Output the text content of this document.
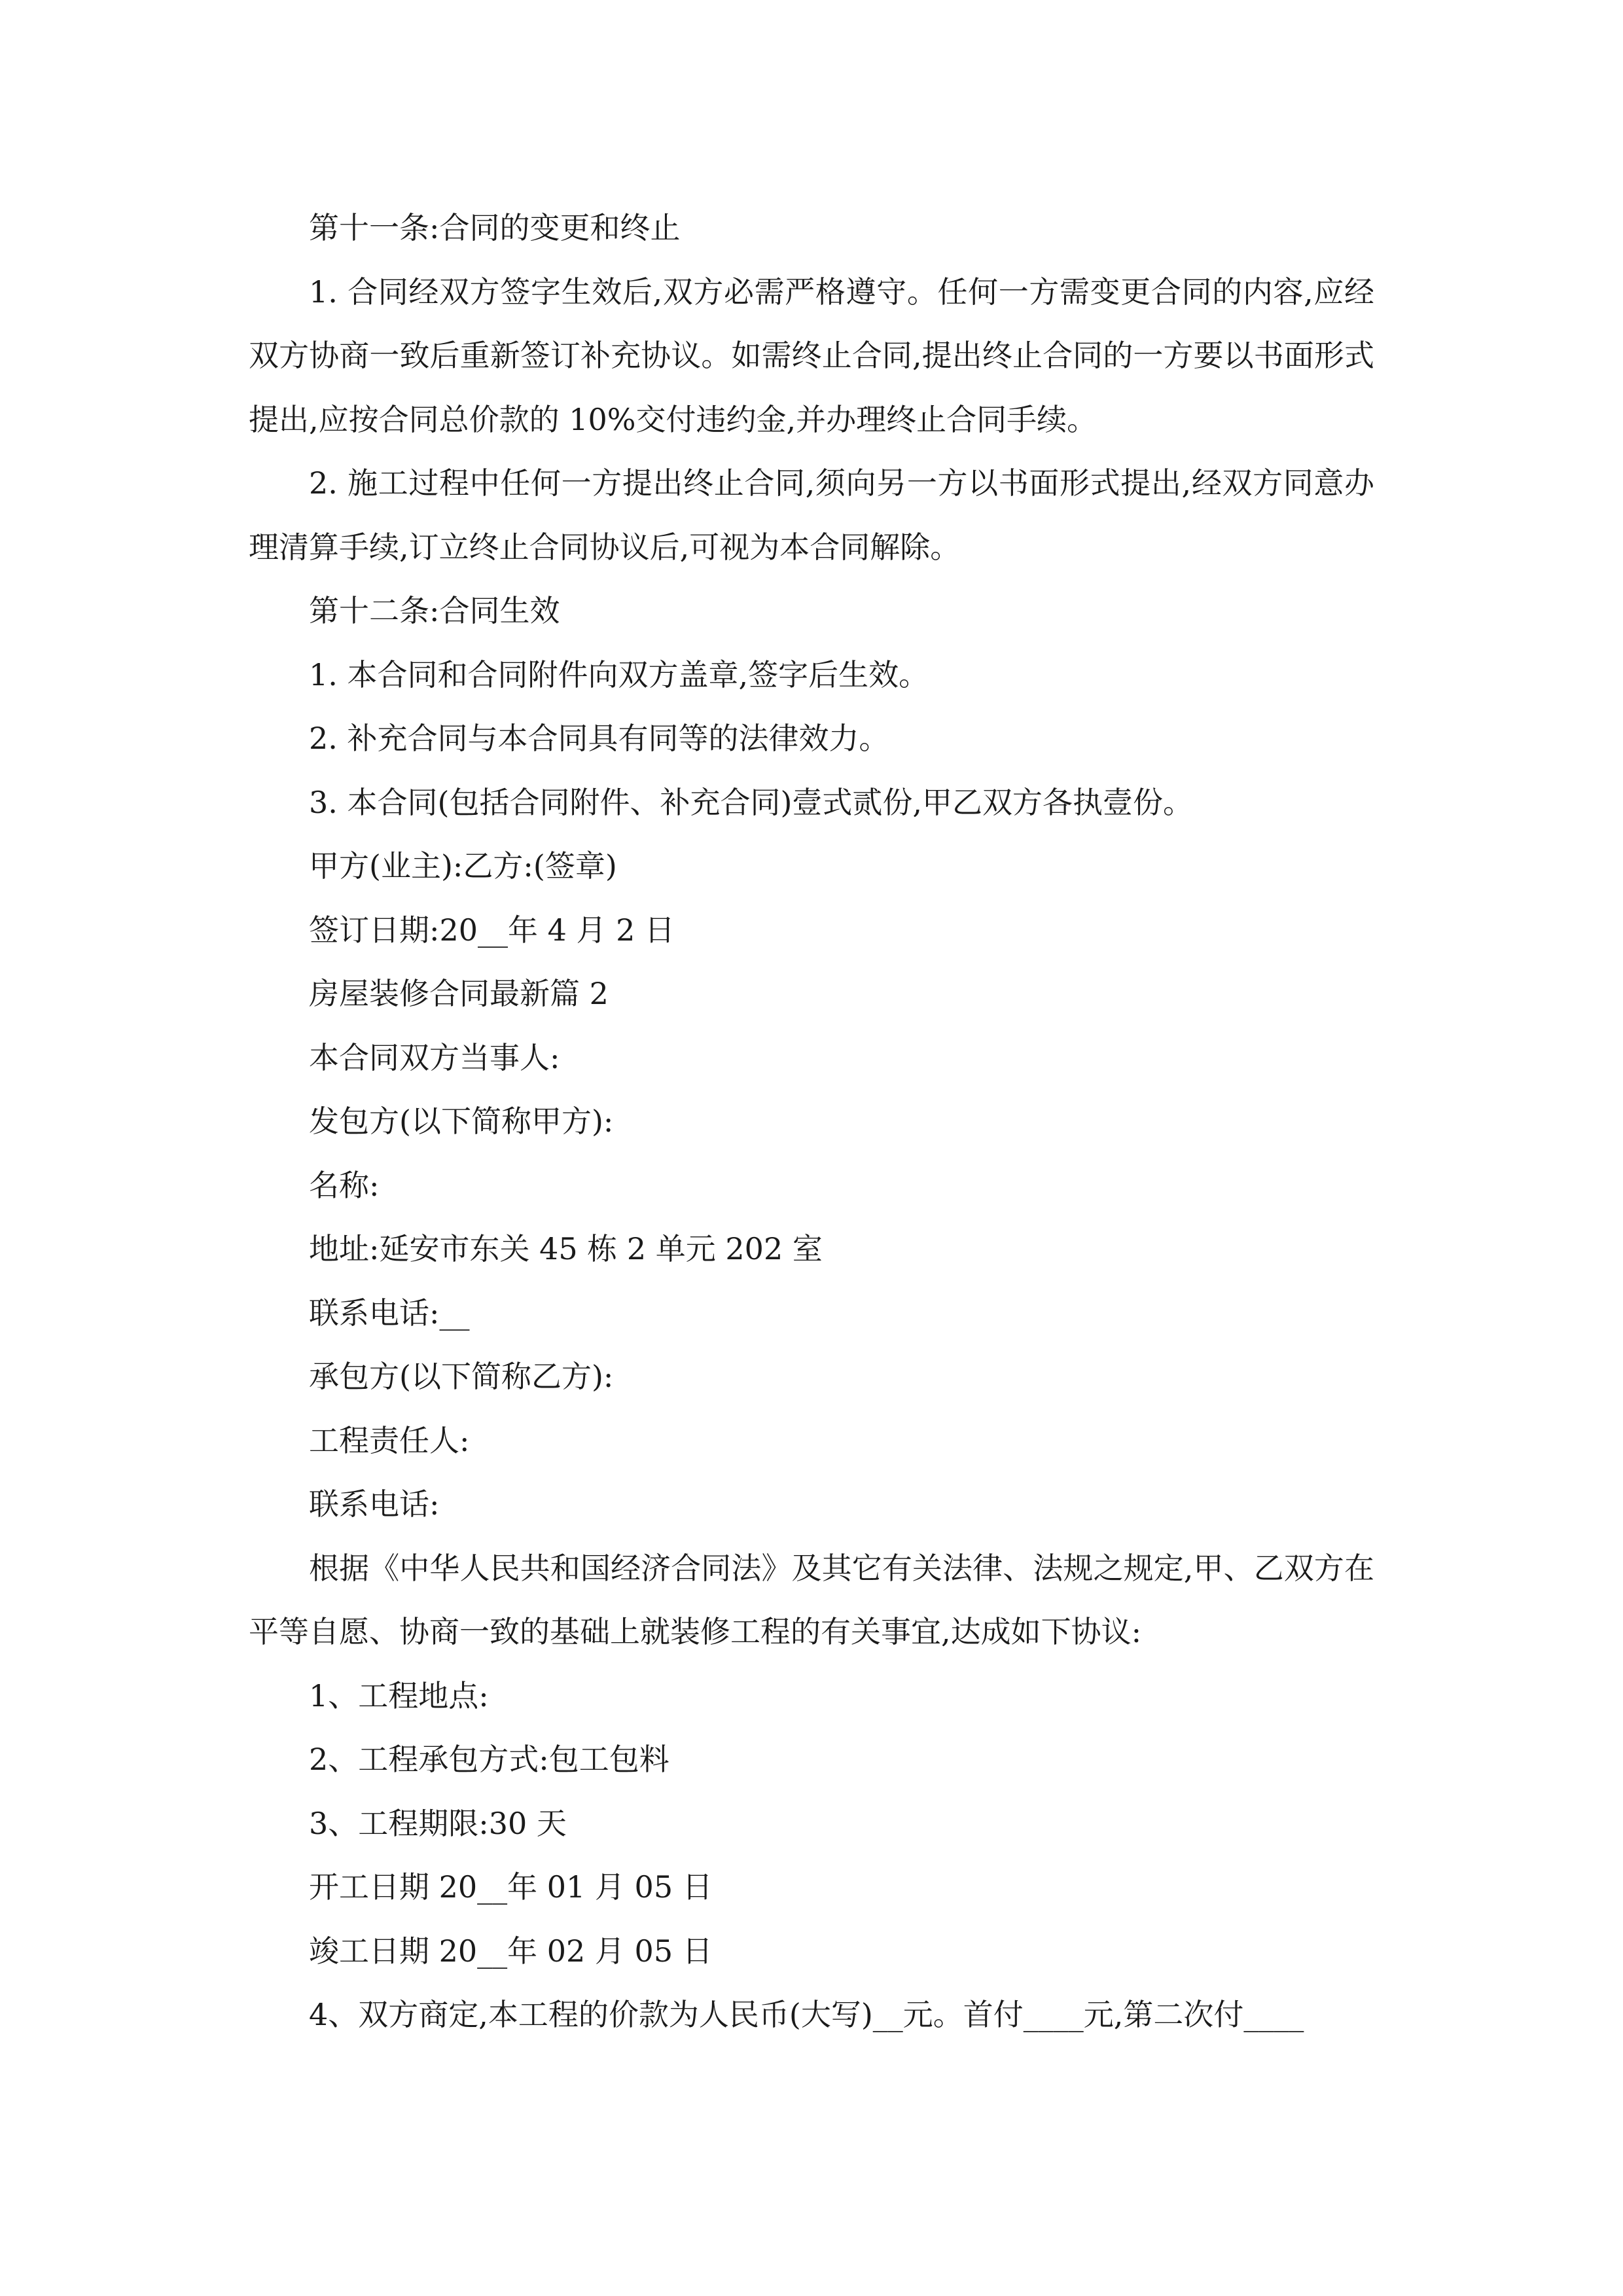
第十一条:合同的变更和终止

1. 合同经双方签字生效后,双方必需严格遵守。任何一方需变更合同的内容,应经双方协商一致后重新签订补充协议。如需终止合同,提出终止合同的一方要以书面形式提出,应按合同总价款的 10%交付违约金,并办理终止合同手续。

2. 施工过程中任何一方提出终止合同,须向另一方以书面形式提出,经双方同意办理清算手续,订立终止合同协议后,可视为本合同解除。

第十二条:合同生效

1. 本合同和合同附件向双方盖章,签字后生效。

2. 补充合同与本合同具有同等的法律效力。

3. 本合同(包括合同附件、补充合同)壹式贰份,甲乙双方各执壹份。

甲方(业主):乙方:(签章)

签订日期:20__年 4 月 2 日

房屋装修合同最新篇 2

本合同双方当事人:

发包方(以下简称甲方):

名称:

地址:延安市东关 45 栋 2 单元 202 室

联系电话:__

承包方(以下简称乙方):

工程责任人:

联系电话:

根据《中华人民共和国经济合同法》及其它有关法律、法规之规定,甲、乙双方在平等自愿、协商一致的基础上就装修工程的有关事宜,达成如下协议:

1、工程地点:

2、工程承包方式:包工包料

3、工程期限:30 天

开工日期 20__年 01 月 05 日

竣工日期 20__年 02 月 05 日

4、双方商定,本工程的价款为人民币(大写)__元。首付____元,第二次付____
